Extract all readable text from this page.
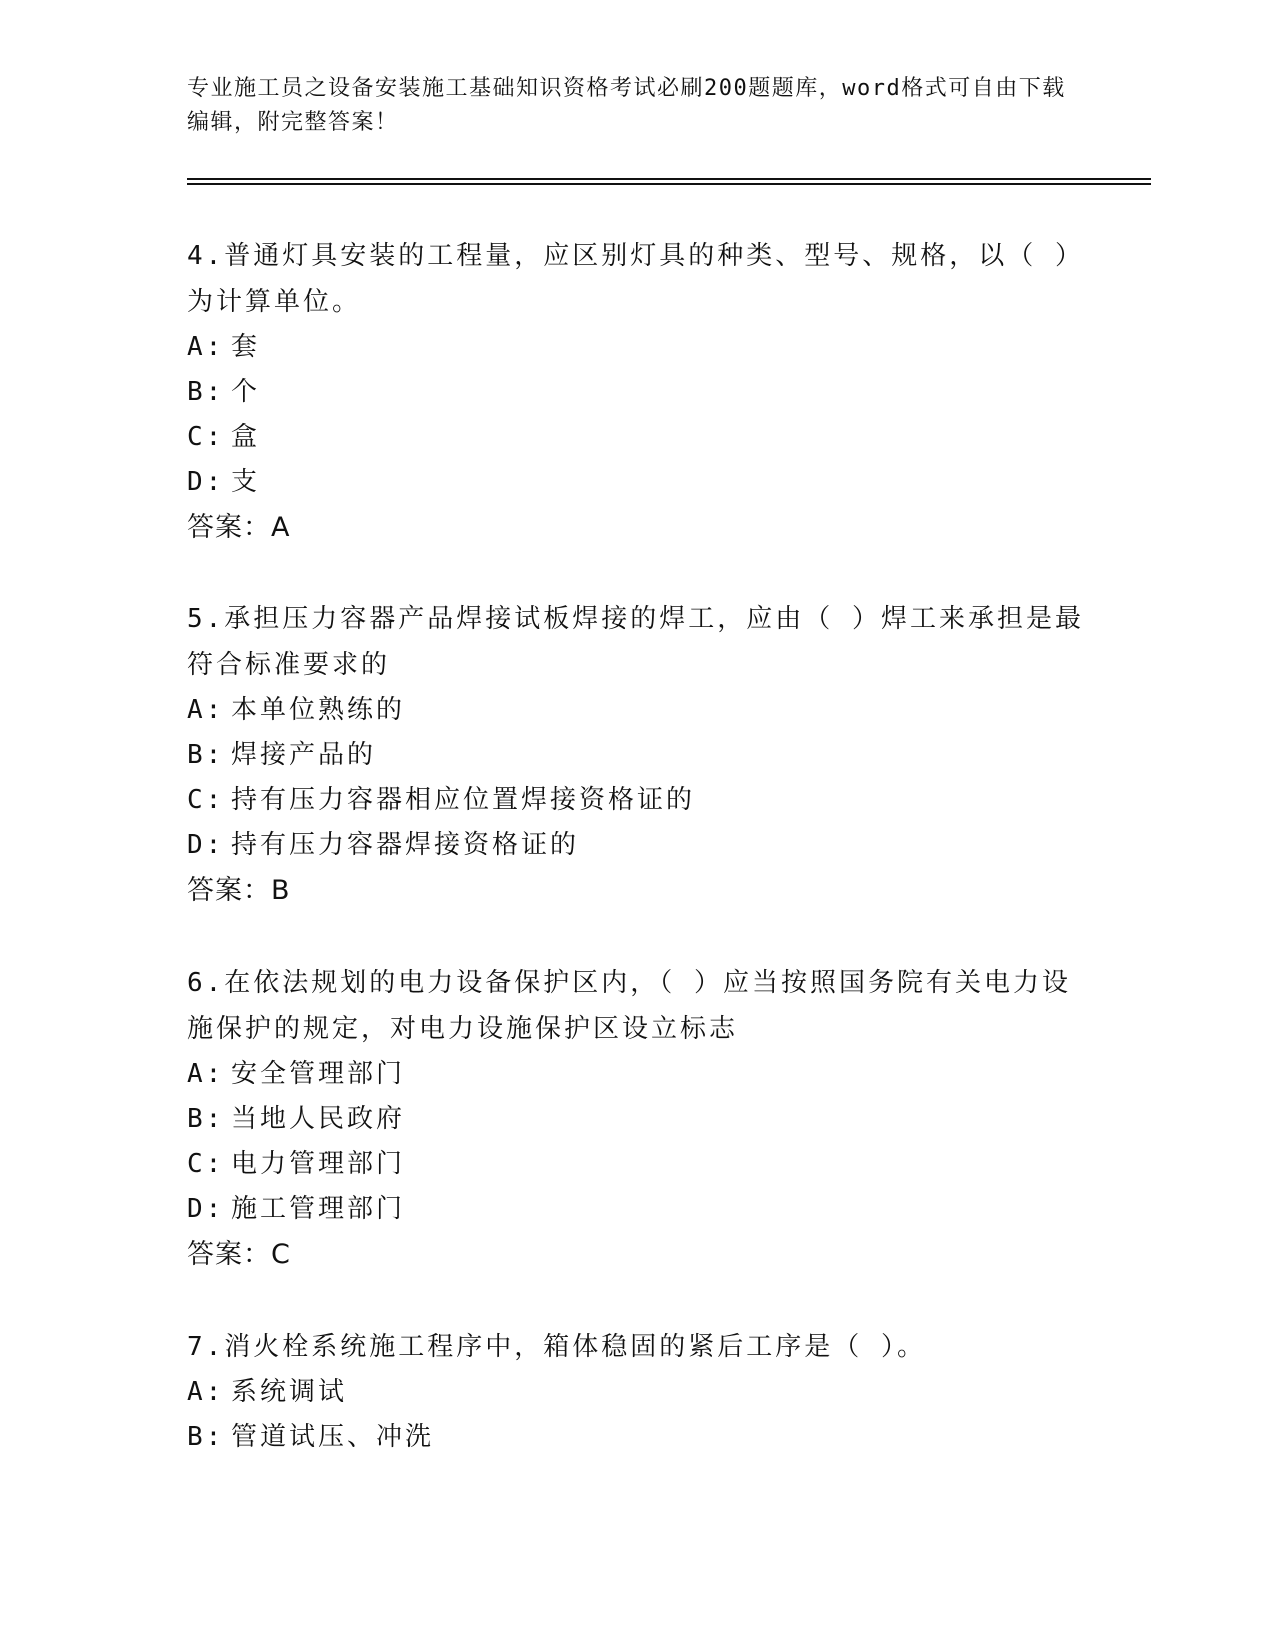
专业施工员之设备安装施工基础知识资格考试必刷200题题库，word格式可自由下载编辑，附完整答案！

4.普通灯具安装的工程量，应区别灯具的种类、型号、规格，以（ ）为计算单位。

A: 套

B: 个

C: 盒

D: 支

答案：A

5.承担压力容器产品焊接试板焊接的焊工，应由（ ）焊工来承担是最符合标准要求的

A: 本单位熟练的

B: 焊接产品的

C: 持有压力容器相应位置焊接资格证的

D: 持有压力容器焊接资格证的

答案：B

6.在依法规划的电力设备保护区内，（ ）应当按照国务院有关电力设施保护的规定，对电力设施保护区设立标志

A: 安全管理部门

B: 当地人民政府

C: 电力管理部门

D: 施工管理部门

答案：C

7.消火栓系统施工程序中，箱体稳固的紧后工序是（ ）。

A: 系统调试

B: 管道试压、冲洗
